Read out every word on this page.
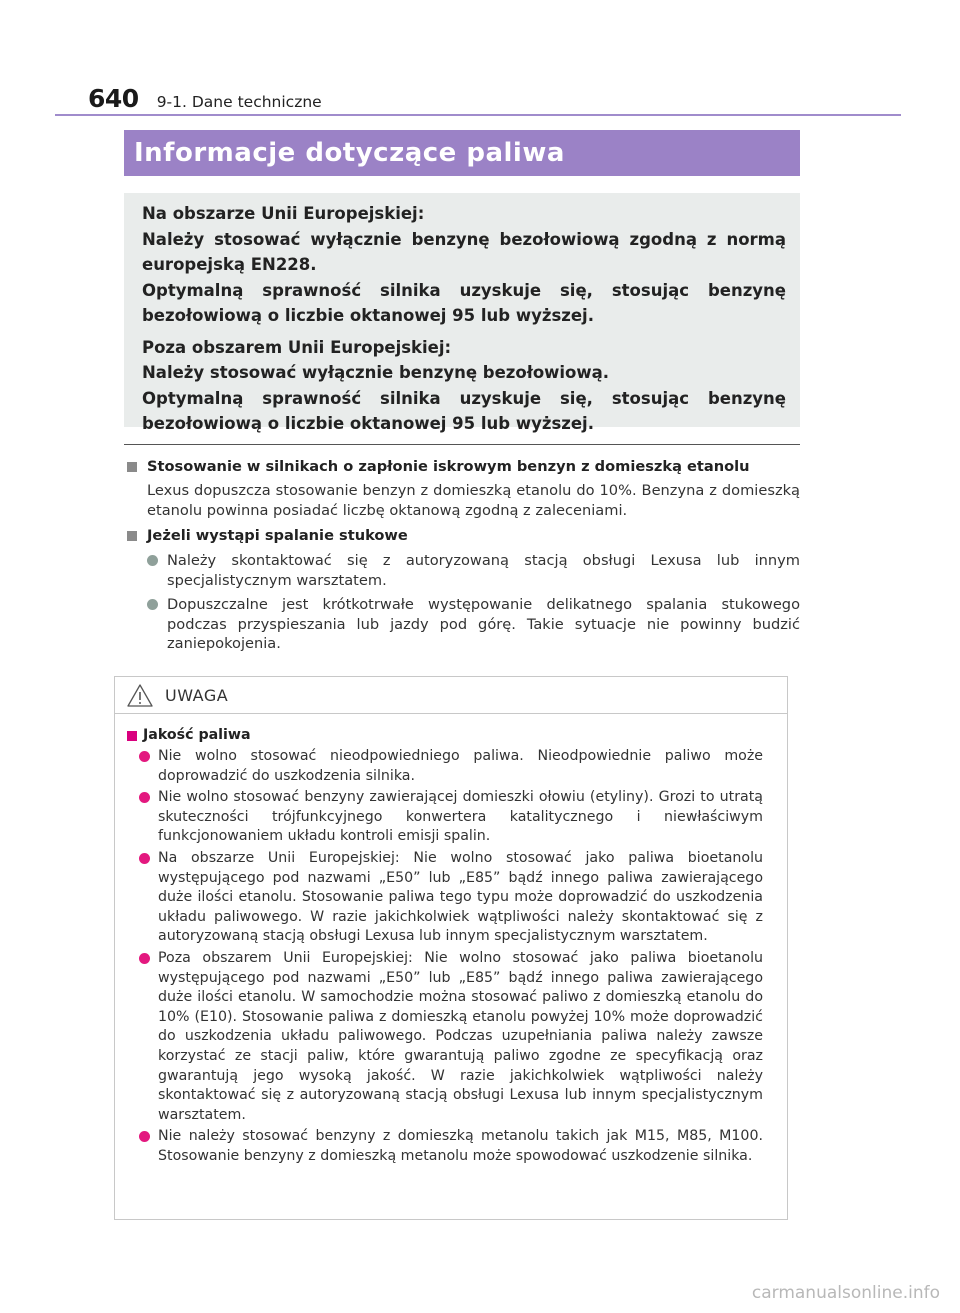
640 9-1. Dane techniczne
Informacje dotyczące paliwa

Na obszarze Unii Europejskiej:

Należy stosować wyłącznie benzynę bezołowiową zgodną z normą europejską EN228.

Optymalną sprawność silnika uzyskuje się, stosując benzynę bezołowiową o liczbie oktanowej 95 lub wyższej.

Poza obszarem Unii Europejskiej:

Należy stosować wyłącznie benzynę bezołowiową.

Optymalną sprawność silnika uzyskuje się, stosując benzynę bezołowiową o liczbie oktanowej 95 lub wyższej.

Stosowanie w silnikach o zapłonie iskrowym benzyn z domieszką etanolu
Lexus dopuszcza stosowanie benzyn z domieszką etanolu do 10%. Benzyna z domieszką etanolu powinna posiadać liczbę oktanową zgodną z zaleceniami.
Jeżeli wystąpi spalanie stukowe
Należy skontaktować się z autoryzowaną stacją obsługi Lexusa lub innym specjalistycznym warsztatem.
Dopuszczalne jest krótkotrwałe występowanie delikatnego spalania stukowego podczas przyspieszania lub jazdy pod górę. Takie sytuacje nie powinny budzić zaniepokojenia.
UWAGA
Jakość paliwa
Nie wolno stosować nieodpowiedniego paliwa. Nieodpowiednie paliwo może doprowadzić do uszkodzenia silnika.
Nie wolno stosować benzyny zawierającej domieszki ołowiu (etyliny). Grozi to utratą skuteczności trójfunkcyjnego konwertera katalitycznego i niewłaściwym funkcjonowaniem układu kontroli emisji spalin.
Na obszarze Unii Europejskiej: Nie wolno stosować jako paliwa bioetanolu występującego pod nazwami „E50” lub „E85” bądź innego paliwa zawierającego duże ilości etanolu. Stosowanie paliwa tego typu może doprowadzić do uszkodzenia układu paliwowego. W razie jakichkolwiek wątpliwości należy skontaktować się z autoryzowaną stacją obsługi Lexusa lub innym specjalistycznym warsztatem.
Poza obszarem Unii Europejskiej: Nie wolno stosować jako paliwa bioetanolu występującego pod nazwami „E50” lub „E85” bądź innego paliwa zawierającego duże ilości etanolu. W samochodzie można stosować paliwo z domieszką etanolu do 10% (E10). Stosowanie paliwa z domieszką etanolu powyżej 10% może doprowadzić do uszkodzenia układu paliwowego. Podczas uzupełniania paliwa należy zawsze korzystać ze stacji paliw, które gwarantują paliwo zgodne ze specyfikacją oraz gwarantują jego wysoką jakość. W razie jakichkolwiek wątpliwości należy skontaktować się z autoryzowaną stacją obsługi Lexusa lub innym specjalistycznym warsztatem.
Nie należy stosować benzyny z domieszką metanolu takich jak M15, M85, M100. Stosowanie benzyny z domieszką metanolu może spowodować uszkodzenie silnika.
carmanualsonline.info
